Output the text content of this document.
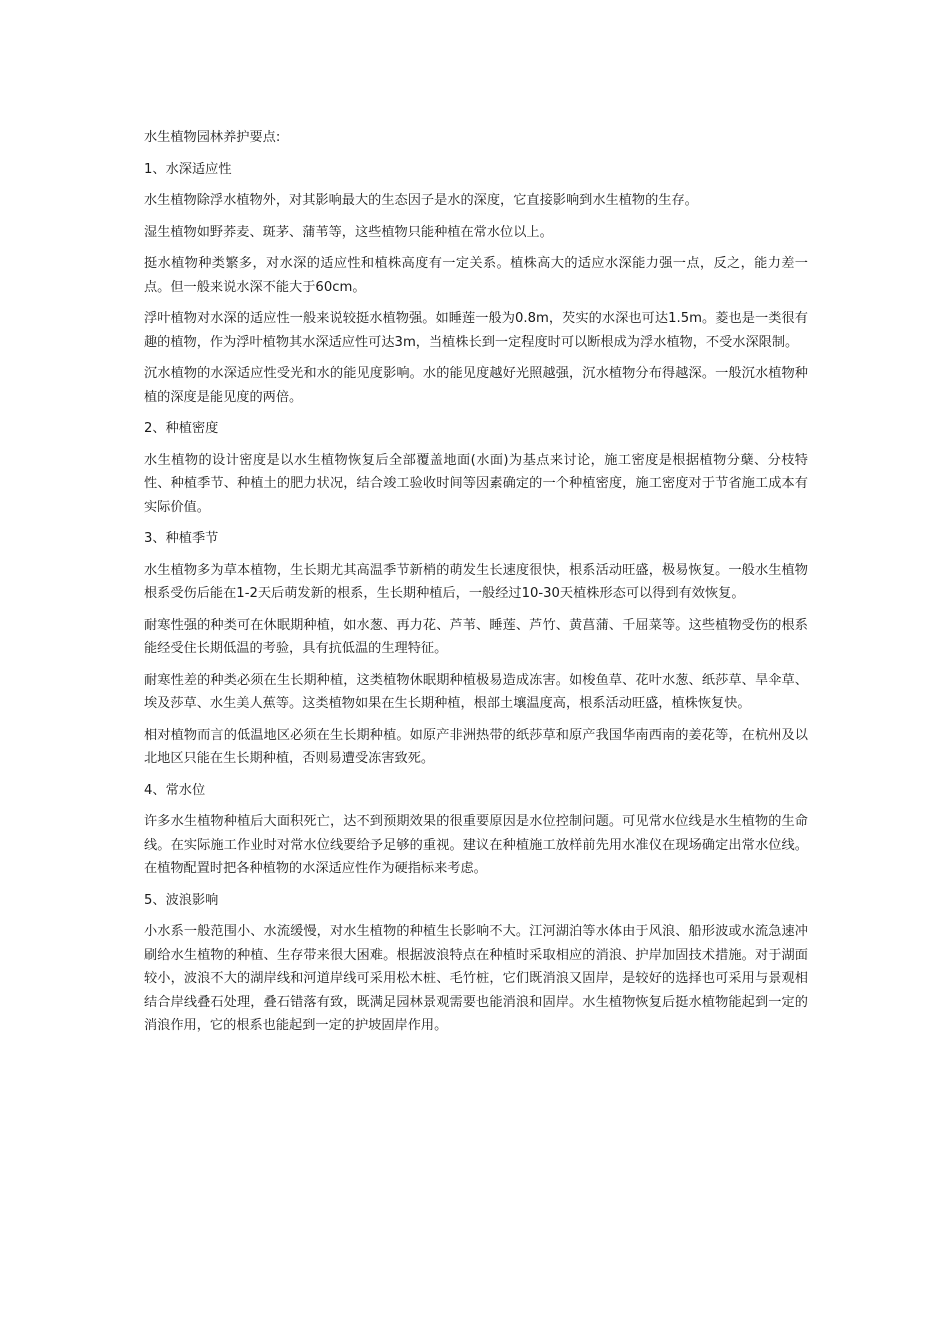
水生植物园林养护要点:

1、水深适应性

水生植物除浮水植物外，对其影响最大的生态因子是水的深度，它直接影响到水生植物的生存。

湿生植物如野荞麦、斑茅、蒲苇等，这些植物只能种植在常水位以上。

挺水植物种类繁多，对水深的适应性和植株高度有一定关系。植株高大的适应水深能力强一点，反之，能力差一点。但一般来说水深不能大于60cm。

浮叶植物对水深的适应性一般来说较挺水植物强。如睡莲一般为0.8m，芡实的水深也可达1.5m。菱也是一类很有趣的植物，作为浮叶植物其水深适应性可达3m，当植株长到一定程度时可以断根成为浮水植物，不受水深限制。

沉水植物的水深适应性受光和水的能见度影响。水的能见度越好光照越强，沉水植物分布得越深。一般沉水植物种植的深度是能见度的两倍。

2、种植密度

水生植物的设计密度是以水生植物恢复后全部覆盖地面(水面)为基点来讨论，施工密度是根据植物分蘖、分枝特性、种植季节、种植土的肥力状况，结合竣工验收时间等因素确定的一个种植密度，施工密度对于节省施工成本有实际价值。

3、种植季节

水生植物多为草本植物，生长期尤其高温季节新梢的萌发生长速度很快，根系活动旺盛，极易恢复。一般水生植物根系受伤后能在1-2天后萌发新的根系，生长期种植后，一般经过10-30天植株形态可以得到有效恢复。

耐寒性强的种类可在休眠期种植，如水葱、再力花、芦苇、睡莲、芦竹、黄菖蒲、千屈菜等。这些植物受伤的根系能经受住长期低温的考验，具有抗低温的生理特征。

耐寒性差的种类必须在生长期种植，这类植物休眠期种植极易造成冻害。如梭鱼草、花叶水葱、纸莎草、旱伞草、埃及莎草、水生美人蕉等。这类植物如果在生长期种植，根部土壤温度高，根系活动旺盛，植株恢复快。

相对植物而言的低温地区必须在生长期种植。如原产非洲热带的纸莎草和原产我国华南西南的姜花等，在杭州及以北地区只能在生长期种植，否则易遭受冻害致死。

4、常水位

许多水生植物种植后大面积死亡，达不到预期效果的很重要原因是水位控制问题。可见常水位线是水生植物的生命线。在实际施工作业时对常水位线要给予足够的重视。建议在种植施工放样前先用水准仪在现场确定出常水位线。在植物配置时把各种植物的水深适应性作为硬指标来考虑。

5、波浪影响

小水系一般范围小、水流缓慢，对水生植物的种植生长影响不大。江河湖泊等水体由于风浪、船形波或水流急速冲刷给水生植物的种植、生存带来很大困难。根据波浪特点在种植时采取相应的消浪、护岸加固技术措施。对于湖面较小，波浪不大的湖岸线和河道岸线可采用松木桩、毛竹桩，它们既消浪又固岸，是较好的选择也可采用与景观相结合岸线叠石处理，叠石错落有致，既满足园林景观需要也能消浪和固岸。水生植物恢复后挺水植物能起到一定的消浪作用，它的根系也能起到一定的护坡固岸作用。
